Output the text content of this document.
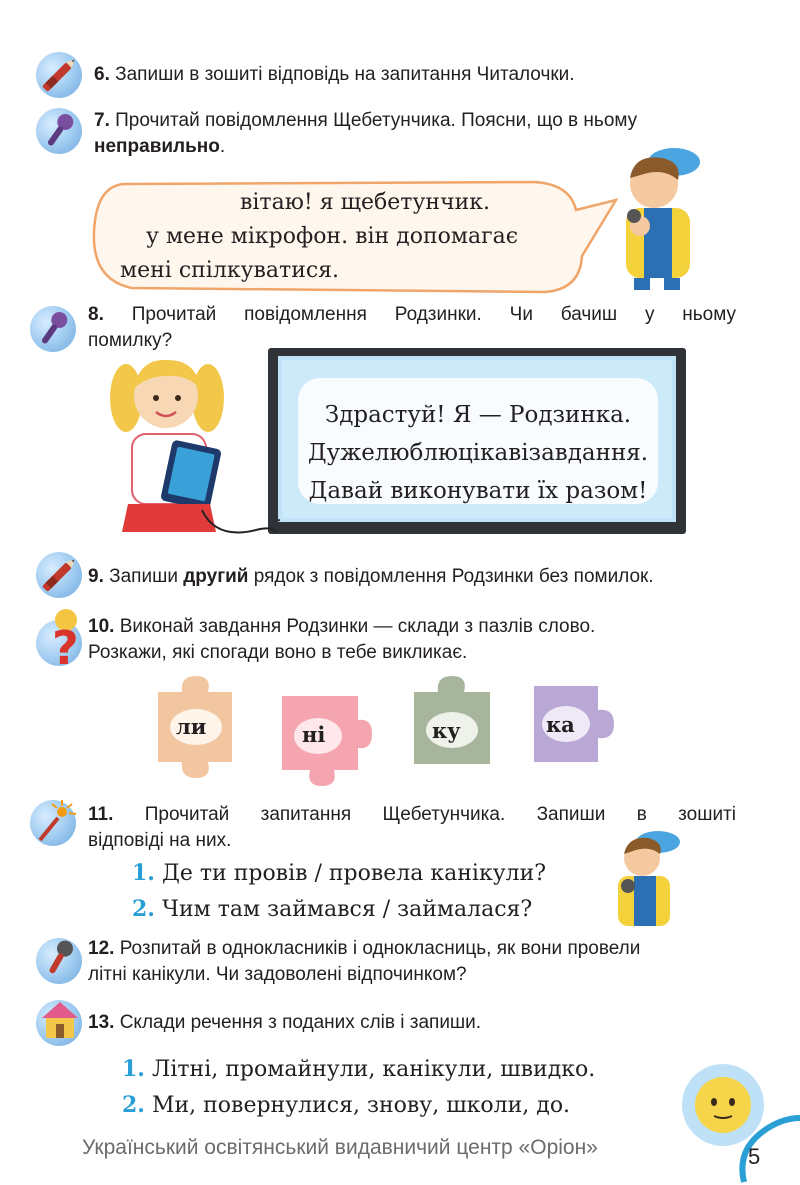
6. Запиши в зошиті відповідь на запитання Читалочки.
7. Прочитай повідомлення Щебетунчика. Поясни, що в ньому
неправильно.
вітаю! я щебетунчик.
у мене мікрофон. він допомагає
мені спілкуватися.
8. Прочитай повідомлення Родзинки. Чи бачиш у ньому
помилку?
Здрастуй! Я — Родзинка.
Дужелюблюцікавізавдання.
Давай виконувати їх разом!
9. Запиши другий рядок з повідомлення Родзинки без помилок.
? 10. Виконай завдання Родзинки — склади з пазлів слово.
Розкажи, які спогади воно в тебе викликає.
ли	ні	ку	ка
11. Прочитай запитання Щебетунчика. Запиши в зошиті
відповіді на них.
1. Де ти провів / провела канікули?
2. Чим там займався / займалася?
12. Розпитай в однокласників і однокласниць, як вони провели
літні канікули. Чи задоволені відпочинком?
13. Склади речення з поданих слів і запиши.
1. Літні, промайнули, канікули, швидко.
2. Ми, повернулися, знову, школи, до.
Український освітянський видавничий центр «Оріон»	5
